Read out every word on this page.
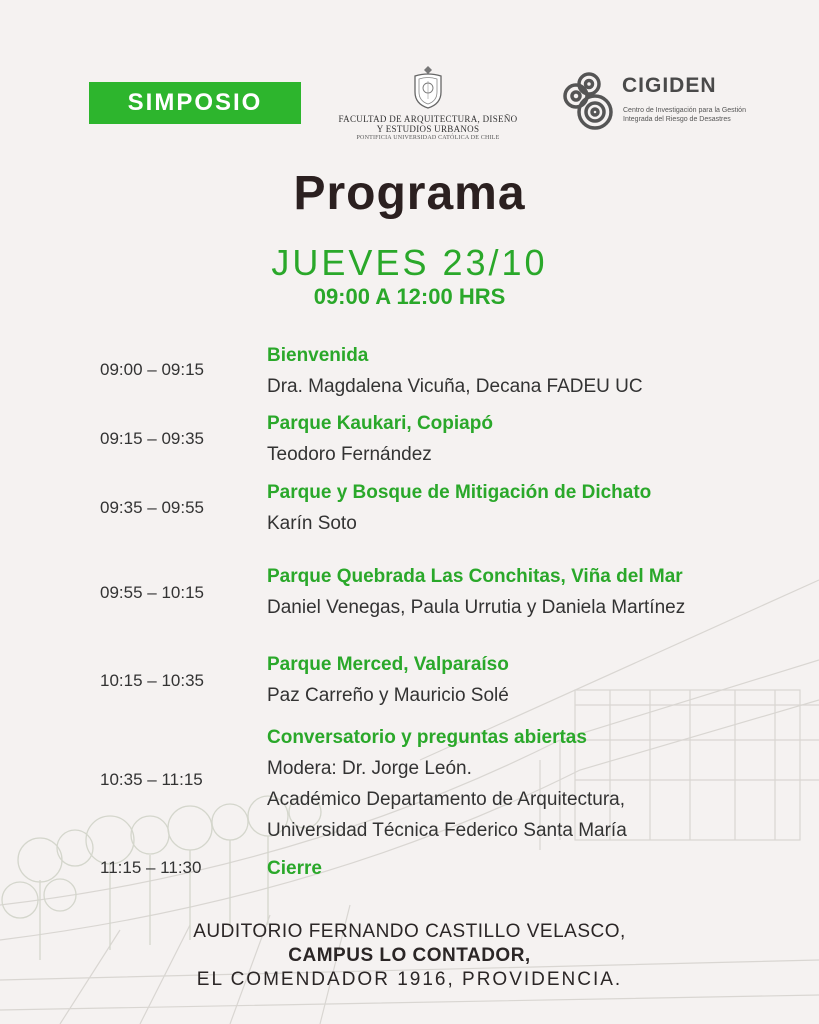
SIMPOSIO
FACULTAD DE ARQUITECTURA, DISEÑO
Y ESTUDIOS URBANOS
PONTIFICIA UNIVERSIDAD CATÓLICA DE CHILE
CIGIDEN
Centro de Investigación para la Gestión Integrada del Riesgo de Desastres
Programa
JUEVES 23/10
09:00 A 12:00 HRS
09:00 – 09:15
Bienvenida
Dra. Magdalena Vicuña, Decana FADEU UC
09:15 – 09:35
Parque Kaukari, Copiapó
Teodoro Fernández
09:35 – 09:55
Parque y Bosque de Mitigación de Dichato
Karín Soto
09:55 – 10:15
Parque Quebrada Las Conchitas, Viña del Mar
Daniel Venegas, Paula Urrutia y Daniela Martínez
10:15 – 10:35
Parque Merced, Valparaíso
Paz Carreño y Mauricio Solé
10:35 – 11:15
Conversatorio y preguntas abiertas
Modera: Dr. Jorge León.
Académico Departamento de Arquitectura,
Universidad Técnica Federico Santa María
11:15 – 11:30	Cierre
AUDITORIO FERNANDO CASTILLO VELASCO,
CAMPUS LO CONTADOR,
EL COMENDADOR 1916, PROVIDENCIA.
